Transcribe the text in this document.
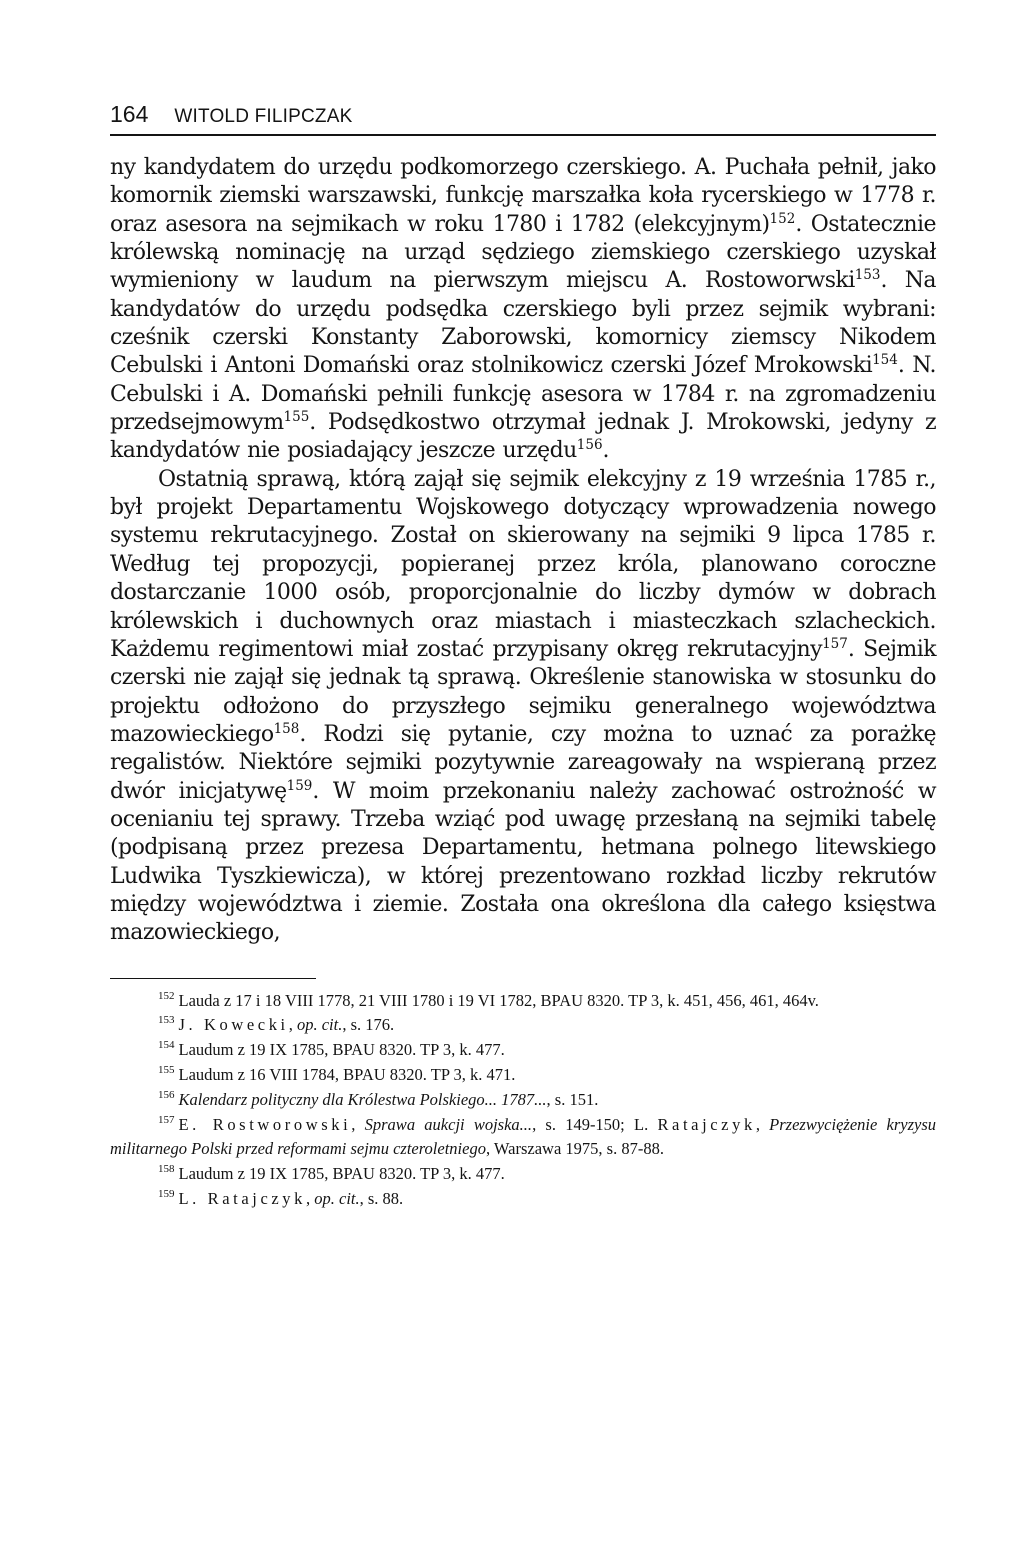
164 WITOLD FILIPCZAK

ny kandydatem do urzędu podkomorzego czerskiego. A. Puchała pełnił, jako komornik ziemski warszawski, funkcję marszałka koła rycerskiego w 1778 r. oraz asesora na sejmikach w roku 1780 i 1782 (elekcyjnym)$^{152}$. Ostatecznie królewską nominację na urząd sędziego ziemskiego czerskiego uzyskał wymieniony w laudum na pierwszym miejscu A. Rostoworwski$^{153}$. Na kandydatów do urzędu podsędka czerskiego byli przez sejmik wybrani: cześnik czerski Konstanty Zaborowski, komornicy ziemscy Nikodem Cebulski i Antoni Domański oraz stolnikowicz czerski Józef Mrokowski$^{154}$. N. Cebulski i A. Domański pełnili funkcję asesora w 1784 r. na zgromadzeniu przedsejmowym$^{155}$. Podsędkostwo otrzymał jednak J. Mrokowski, jedyny z kandydatów nie posiadający jeszcze urzędu$^{156}$.

Ostatnią sprawą, którą zajął się sejmik elekcyjny z 19 września 1785 r., był projekt Departamentu Wojskowego dotyczący wprowadzenia nowego systemu rekrutacyjnego. Został on skierowany na sejmiki 9 lipca 1785 r. Według tej propozycji, popieranej przez króla, planowano coroczne dostarczanie 1000 osób, proporcjonalnie do liczby dymów w dobrach królewskich i duchownych oraz miastach i miasteczkach szlacheckich. Każdemu regimentowi miał zostać przypisany okręg rekrutacyjny$^{157}$. Sejmik czerski nie zajął się jednak tą sprawą. Określenie stanowiska w stosunku do projektu odłożono do przyszłego sejmiku generalnego województwa mazowieckiego$^{158}$. Rodzi się pytanie, czy można to uznać za porażkę regalistów. Niektóre sejmiki pozytywnie zareagowały na wspieraną przez dwór inicjatywę$^{159}$. W moim przekonaniu należy zachować ostrożność w ocenianiu tej sprawy. Trzeba wziąć pod uwagę przesłaną na sejmiki tabelę (podpisaną przez prezesa Departamentu, hetmana polnego litewskiego Ludwika Tyszkiewicza), w której prezentowano rozkład liczby rekrutów między województwa i ziemie. Została ona określona dla całego księstwa mazowieckiego,

$^{152}$ Lauda z 17 i 18 VIII 1778, 21 VIII 1780 i 19 VI 1782, BPAU 8320. TP 3, k. 451, 456, 461, 464v.

$^{153}$ J. Kowecki, op. cit., s. 176.

$^{154}$ Laudum z 19 IX 1785, BPAU 8320. TP 3, k. 477.

$^{155}$ Laudum z 16 VIII 1784, BPAU 8320. TP 3, k. 471.

$^{156}$ Kalendarz polityczny dla Królestwa Polskiego... 1787..., s. 151.

$^{157}$ E. Rostworowski, Sprawa aukcji wojska..., s. 149-150; L. Ratajczyk, Przezwyciężenie kryzysu militarnego Polski przed reformami sejmu czteroletniego, Warszawa 1975, s. 87-88.

$^{158}$ Laudum z 19 IX 1785, BPAU 8320. TP 3, k. 477.

$^{159}$ L. Ratajczyk, op. cit., s. 88.
